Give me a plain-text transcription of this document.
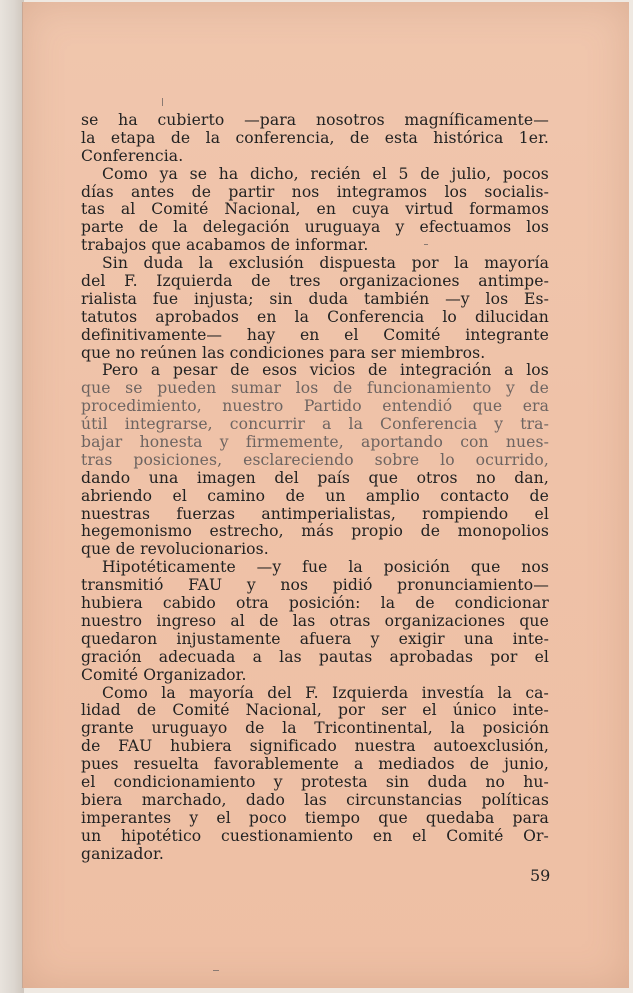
se ha cubierto —para nosotros magníficamente—
la etapa de la conferencia, de esta histórica 1er.
Conferencia.
Como ya se ha dicho, recién el 5 de julio, pocos
días antes de partir nos integramos los socialis-
tas al Comité Nacional, en cuya virtud formamos
parte de la delegación uruguaya y efectuamos los
trabajos que acabamos de informar.
Sin duda la exclusión dispuesta por la mayoría
del F. Izquierda de tres organizaciones antimpe-
rialista fue injusta; sin duda también —y los Es-
tatutos aprobados en la Conferencia lo dilucidan
definitivamente— hay en el Comité integrante
que no reúnen las condiciones para ser miembros.
Pero a pesar de esos vicios de integración a los
que se pueden sumar los de funcionamiento y de
procedimiento, nuestro Partido entendió que era
útil integrarse, concurrir a la Conferencia y tra-
bajar honesta y firmemente, aportando con nues-
tras posiciones, esclareciendo sobre lo ocurrido,
dando una imagen del país que otros no dan,
abriendo el camino de un amplio contacto de
nuestras fuerzas antimperialistas, rompiendo el
hegemonismo estrecho, más propio de monopolios
que de revolucionarios.
Hipotéticamente —y fue la posición que nos
transmitió FAU y nos pidió pronunciamiento—
hubiera cabido otra posición: la de condicionar
nuestro ingreso al de las otras organizaciones que
quedaron injustamente afuera y exigir una inte-
gración adecuada a las pautas aprobadas por el
Comité Organizador.
Como la mayoría del F. Izquierda investía la ca-
lidad de Comité Nacional, por ser el único inte-
grante uruguayo de la Tricontinental, la posición
de FAU hubiera significado nuestra autoexclusión,
pues resuelta favorablemente a mediados de junio,
el condicionamiento y protesta sin duda no hu-
biera marchado, dado las circunstancias políticas
imperantes y el poco tiempo que quedaba para
un hipotético cuestionamiento en el Comité Or-
ganizador.
59
